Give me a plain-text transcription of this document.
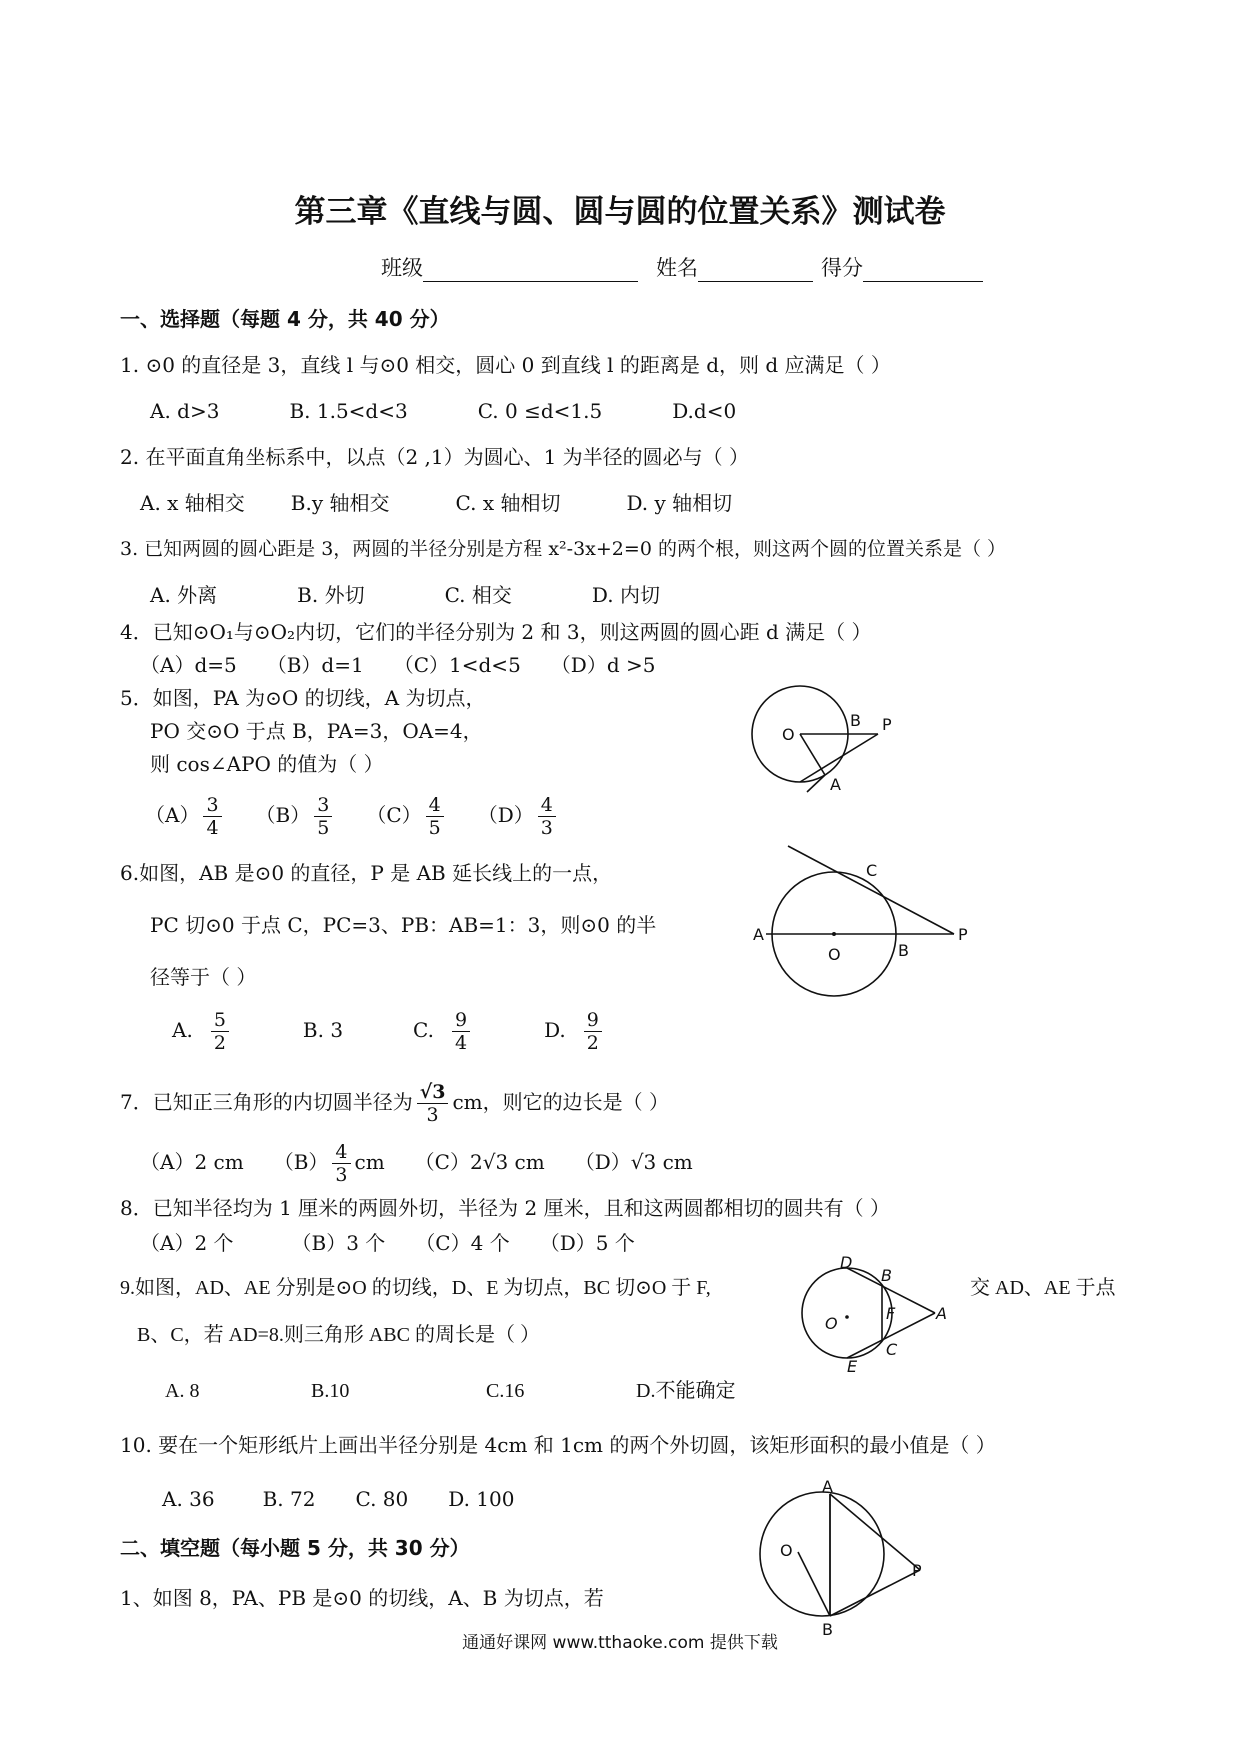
第三章《直线与圆、圆与圆的位置关系》测试卷
班级	姓名	得分
一、选择题（每题 4 分，共 40 分）
1. ⊙0 的直径是 3，直线 l 与⊙0 相交，圆心 0 到直线 l 的距离是 d，则 d 应满足（ ）
A. d>3	B. 1.5<d<3	C. 0 ≤d<1.5	D.d<0
2. 在平面直角坐标系中，以点（2 ,1）为圆心、1 为半径的圆必与（ ）
A. x 轴相交 B.y 轴相交	C. x 轴相切	D. y 轴相切
3. 已知两圆的圆心距是 3，两圆的半径分别是方程 x²-3x+2=0 的两个根，则这两个圆的位置关系是（ ）
A. 外离	B. 外切	C. 相交	D. 内切
4．已知⊙O₁与⊙O₂内切，它们的半径分别为 2 和 3，则这两圆的圆心距 d 满足（ ）
（A）d=5 （B）d=1 （C）1<d<5 （D）d >5
5．如图，PA 为⊙O 的切线，A 为切点，
PO 交⊙O 于点 B，PA=3，OA=4，
则 cos∠APO 的值为（ ）
$(A) \frac{3}{4} (B) \frac{3}{5} (C) \frac{4}{5} (D) \frac{4}{3}$
O
B P
A
6.如图，AB 是⊙0 的直径，P 是 AB 延长线上的一点，
PC 切⊙0 于点 C，PC=3、PB：AB=1：3，则⊙0 的半
径等于（ ）
A. $\frac{5}{2}$	B. 3	C. $\frac{9}{4}$	D. $\frac{9}{2}$
A
O	B
C
P
7．已知正三角形的内切圆半径为 $\frac{√3}{3}$ cm，则它的边长是（ ）
（A）2 cm $(B) \frac{4}{3}$ cm （C）2√3 cm （D）√3 cm
8．已知半径均为 1 厘米的两圆外切，半径为 2 厘米，且和这两圆都相切的圆共有（ ）
（A）2 个	（B）3 个 （C）4 个 （D）5 个
9.如图，AD、AE 分别是⊙O 的切线，D、E 为切点，BC 切⊙O 于 F,	交 AD、AE 于点
B、C，若 AD=8.则三角形 ABC 的周长是（ ）
A. 8	B.10	C.16	D.不能确定
D
B
A
F
O
C
E
10. 要在一个矩形纸片上画出半径分别是 4cm 和 1cm 的两个外切圆，该矩形面积的最小值是（ ）
A. 36 B. 72 C. 80 D. 100
二、填空题（每小题 5 分，共 30 分）
1、如图 8，PA、PB 是⊙0 的切线，A、B 为切点，若
A
O
P
B
通通好课网 www.tthaoke.com 提供下载
